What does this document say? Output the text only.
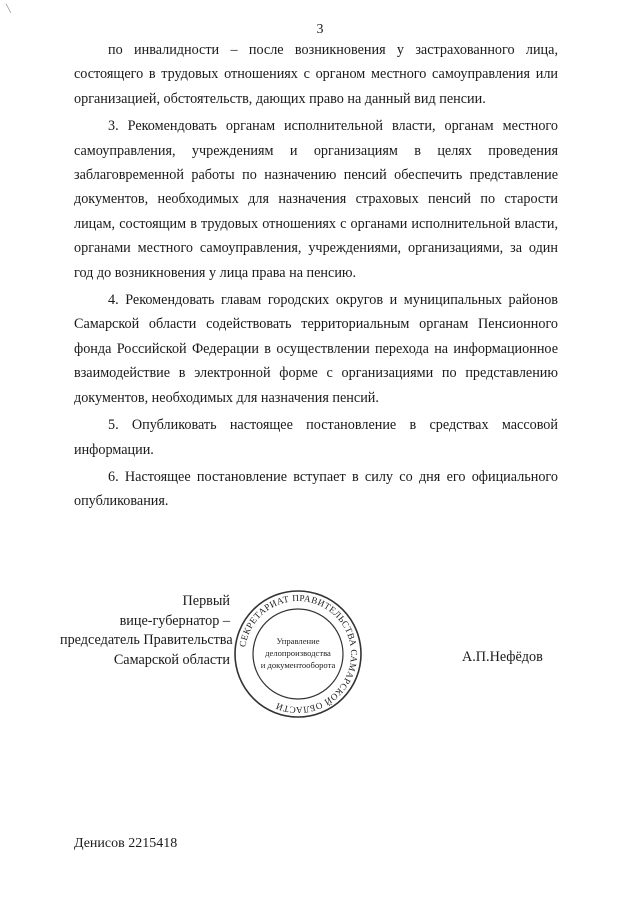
╲
3

по инвалидности – после возникновения у застрахованного лица, состоящего в трудовых отношениях с органом местного самоуправления или организацией, обстоятельств, дающих право на данный вид пенсии.

3. Рекомендовать органам исполнительной власти, органам местного самоуправления, учреждениям и организациям в целях проведения заблаговременной работы по назначению пенсий обеспечить представление документов, необходимых для назначения страховых пенсий по старости лицам, состоящим в трудовых отношениях с органами исполнительной власти, органами местного самоуправления, учреждениями, организациями, за один год до возникновения у лица права на пенсию.

4. Рекомендовать главам городских округов и муниципальных районов Самарской области содействовать территориальным органам Пенсионного фонда Российской Федерации в осуществлении перехода на информационное взаимодействие в электронной форме с организациями по представлению документов, необходимых для назначения пенсий.

5. Опубликовать настоящее постановление в средствах массовой информации.

6. Настоящее постановление вступает в силу со дня его официального опубликования.

Первый
вице-губернатор –
председатель Правительства
Самарской области
СЕКРЕТАРИАТ ПРАВИТЕЛЬСТВА САМАРСКОЙ ОБЛАСТИ
Управление
делопроизводства
и документооборота	А.П.Нефёдов
Денисов 2215418
